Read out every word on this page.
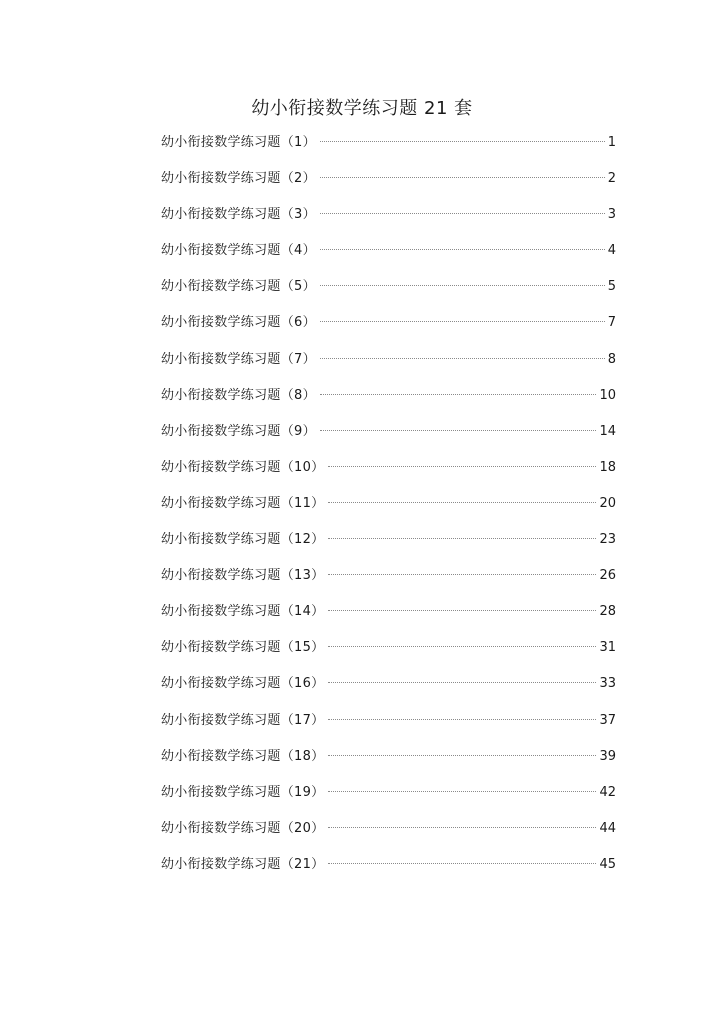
幼小衔接数学练习题 21 套
幼小衔接数学练习题（1）	1
幼小衔接数学练习题（2）	2
幼小衔接数学练习题（3）	3
幼小衔接数学练习题（4）	4
幼小衔接数学练习题（5）	5
幼小衔接数学练习题（6）	7
幼小衔接数学练习题（7）	8
幼小衔接数学练习题（8）	10
幼小衔接数学练习题（9）	14
幼小衔接数学练习题（10）	18
幼小衔接数学练习题（11）	20
幼小衔接数学练习题（12）	23
幼小衔接数学练习题（13）	26
幼小衔接数学练习题（14）	28
幼小衔接数学练习题（15）	31
幼小衔接数学练习题（16）	33
幼小衔接数学练习题（17）	37
幼小衔接数学练习题（18）	39
幼小衔接数学练习题（19）	42
幼小衔接数学练习题（20）	44
幼小衔接数学练习题（21）	45
